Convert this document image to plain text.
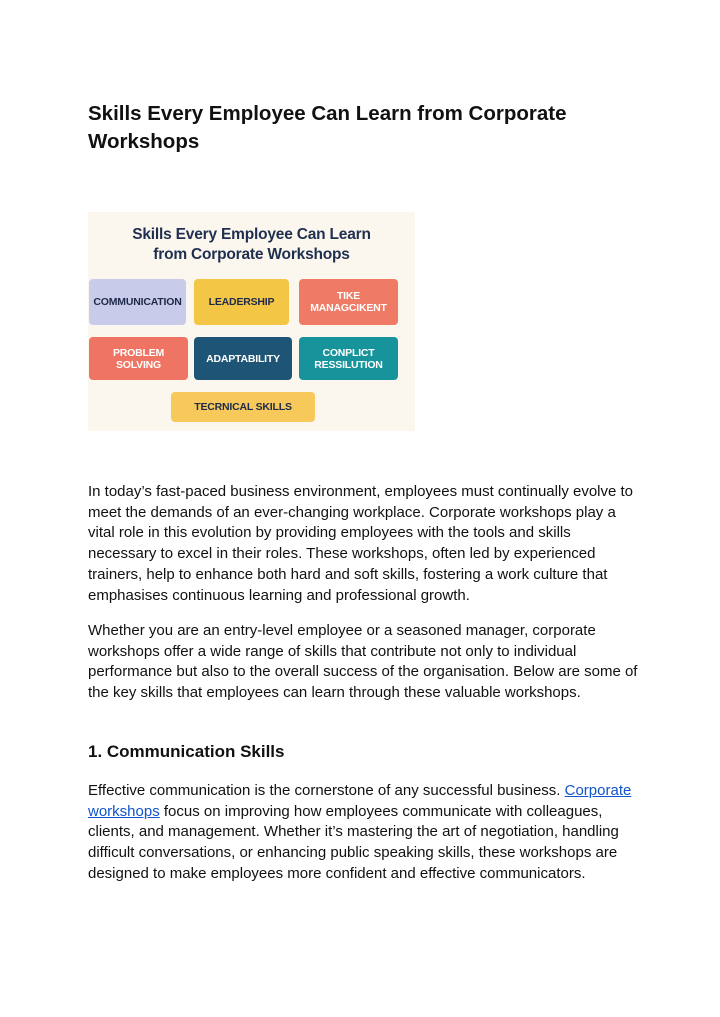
Skills Every Employee Can Learn from Corporate Workshops
Skills Every Employee Can Learn
from Corporate Workshops
COMMUNICATION	LEADERSHIP	TIKE
MANAGCIKENT
PROBLEM
SOLVING	ADAPTABILITY	CONPLICT
RESSILUTION
TECRNICAL SKILLS

In today’s fast-paced business environment, employees must continually evolve to meet the demands of an ever-changing workplace. Corporate workshops play a vital role in this evolution by providing employees with the tools and skills necessary to excel in their roles. These workshops, often led by experienced trainers, help to enhance both hard and soft skills, fostering a work culture that emphasises continuous learning and professional growth.

Whether you are an entry-level employee or a seasoned manager, corporate workshops offer a wide range of skills that contribute not only to individual performance but also to the overall success of the organisation. Below are some of the key skills that employees can learn through these valuable workshops.

1. Communication Skills

Effective communication is the cornerstone of any successful business. Corporate workshops focus on improving how employees communicate with colleagues, clients, and management. Whether it’s mastering the art of negotiation, handling difficult conversations, or enhancing public speaking skills, these workshops are designed to make employees more confident and effective communicators.
